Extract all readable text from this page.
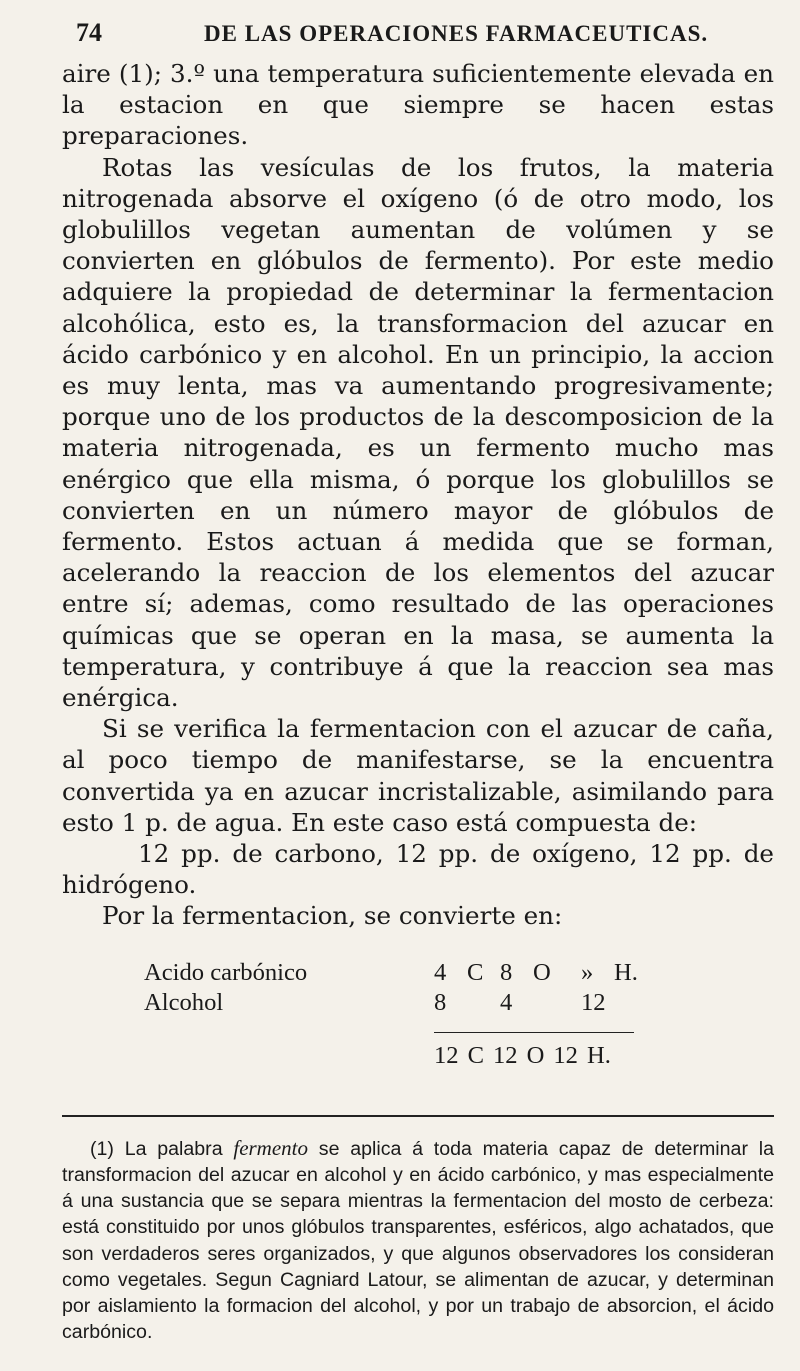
74	DE LAS OPERACIONES FARMACEUTICAS.

aire (1); 3.º una temperatura suficientemente elevada en la estacion en que siempre se hacen estas preparaciones.

Rotas las vesículas de los frutos, la materia nitrogenada absorve el oxígeno (ó de otro modo, los globulillos vegetan aumentan de volúmen y se convierten en glóbulos de fermento). Por este medio adquiere la propiedad de determinar la fermentacion alcohólica, esto es, la transformacion del azucar en ácido carbónico y en alcohol. En un principio, la accion es muy lenta, mas va aumentando progresivamente; porque uno de los productos de la descomposicion de la materia nitrogenada, es un fermento mucho mas enérgico que ella misma, ó porque los globulillos se convierten en un número mayor de glóbulos de fermento. Estos actuan á medida que se forman, acelerando la reaccion de los elementos del azucar entre sí; ademas, como resultado de las operaciones químicas que se operan en la masa, se aumenta la temperatura, y contribuye á que la reaccion sea mas enérgica.

Si se verifica la fermentacion con el azucar de caña, al poco tiempo de manifestarse, se la encuentra convertida ya en azucar incristalizable, asimilando para esto 1 p. de agua. En este caso está compuesta de:

12 pp. de carbono, 12 pp. de oxígeno, 12 pp. de hidrógeno.

Por la fermentacion, se convierte en:

Acido carbónico	4 C 8 O	» H.
Alcohol	8	4	12
12 C 12 O 12 H.
(1) La palabra fermento se aplica á toda materia capaz de determinar la transformacion del azucar en alcohol y en ácido carbónico, y mas especialmente á una sustancia que se separa mientras la fermentacion del mosto de cerbeza: está constituido por unos glóbulos transparentes, esféricos, algo achatados, que son verdaderos seres organizados, y que algunos observadores los consideran como vegetales. Segun Cagniard Latour, se alimentan de azucar, y determinan por aislamiento la formacion del alcohol, y por un trabajo de absorcion, el ácido carbónico.
